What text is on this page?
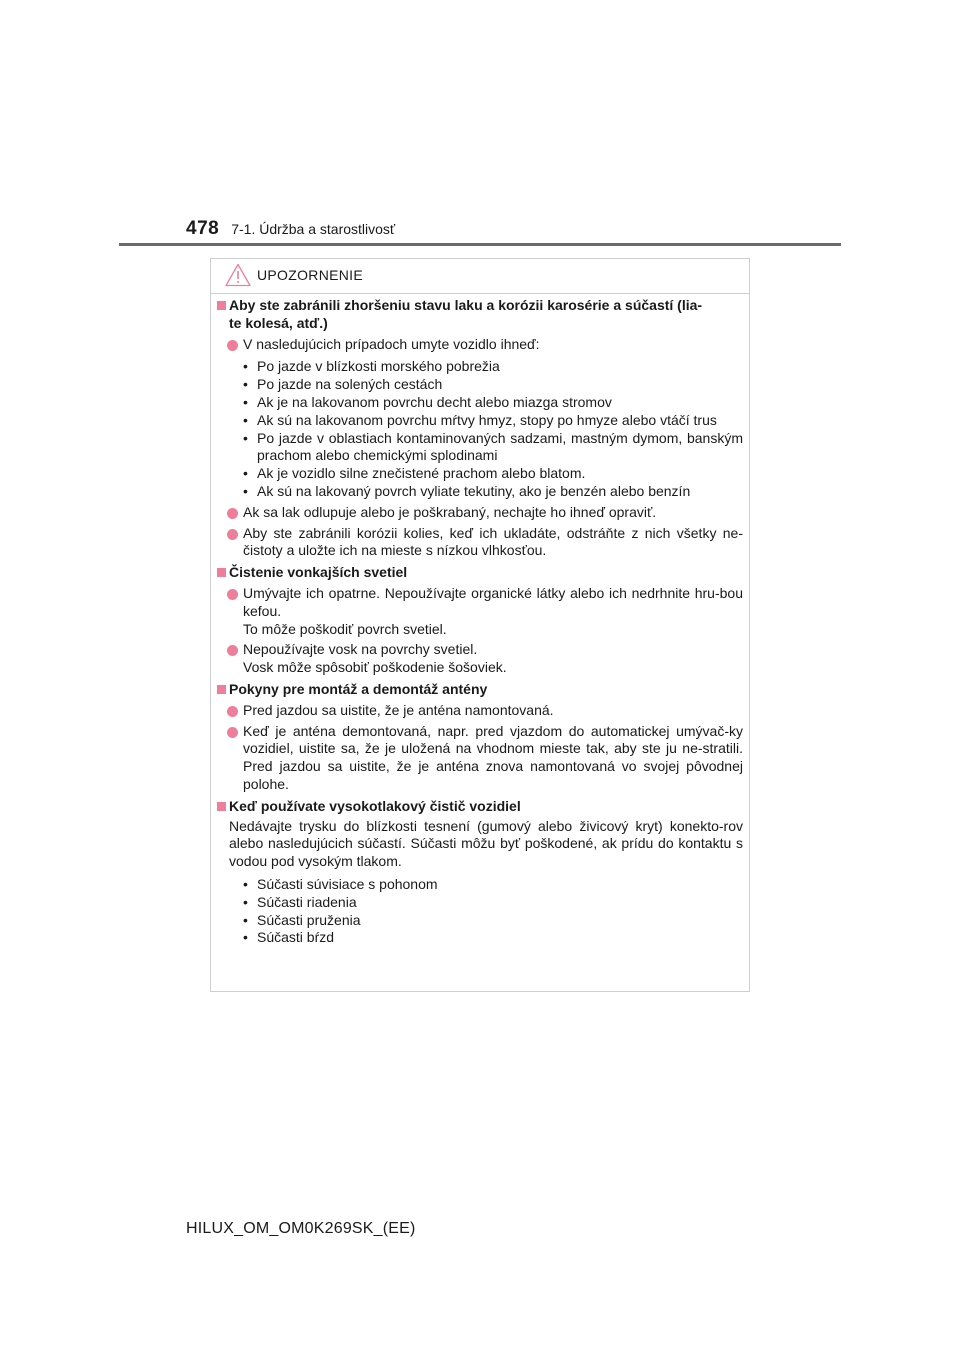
478 7-1. Údržba a starostlivosť
UPOZORNENIE
Aby ste zabránili zhoršeniu stavu laku a korózii karosérie a súčastí (lia-
te kolesá, atď.)
V nasledujúcich prípadoch umyte vozidlo ihneď:
• Po jazde v blízkosti morského pobrežia
• Po jazde na solených cestách
• Ak je na lakovanom povrchu decht alebo miazga stromov
• Ak sú na lakovanom povrchu mŕtvy hmyz, stopy po hmyze alebo vtáčí trus
• Po jazde v oblastiach kontaminovaných sadzami, mastným dymom, banským prachom alebo chemickými splodinami
• Ak je vozidlo silne znečistené prachom alebo blatom.
• Ak sú na lakovaný povrch vyliate tekutiny, ako je benzén alebo benzín
Ak sa lak odlupuje alebo je poškrabaný, nechajte ho ihneď opraviť.
Aby ste zabránili korózii kolies, keď ich ukladáte, odstráňte z nich všetky ne-čistoty a uložte ich na mieste s nízkou vlhkosťou.
Čistenie vonkajších svetiel
Umývajte ich opatrne. Nepoužívajte organické látky alebo ich nedrhnite hru-bou kefou.
To môže poškodiť povrch svetiel.
Nepoužívajte vosk na povrchy svetiel.
Vosk môže spôsobiť poškodenie šošoviek.
Pokyny pre montáž a demontáž antény
Pred jazdou sa uistite, že je anténa namontovaná.
Keď je anténa demontovaná, napr. pred vjazdom do automatickej umývač-ky vozidiel, uistite sa, že je uložená na vhodnom mieste tak, aby ste ju ne-stratili. Pred jazdou sa uistite, že je anténa znova namontovaná vo svojej pôvodnej polohe.
Keď používate vysokotlakový čistič vozidiel
Nedávajte trysku do blízkosti tesnení (gumový alebo živicový kryt) konekto-rov alebo nasledujúcich súčastí. Súčasti môžu byť poškodené, ak prídu do kontaktu s vodou pod vysokým tlakom.
• Súčasti súvisiace s pohonom
• Súčasti riadenia
• Súčasti pruženia
• Súčasti bŕzd
HILUX_OM_OM0K269SK_(EE)
